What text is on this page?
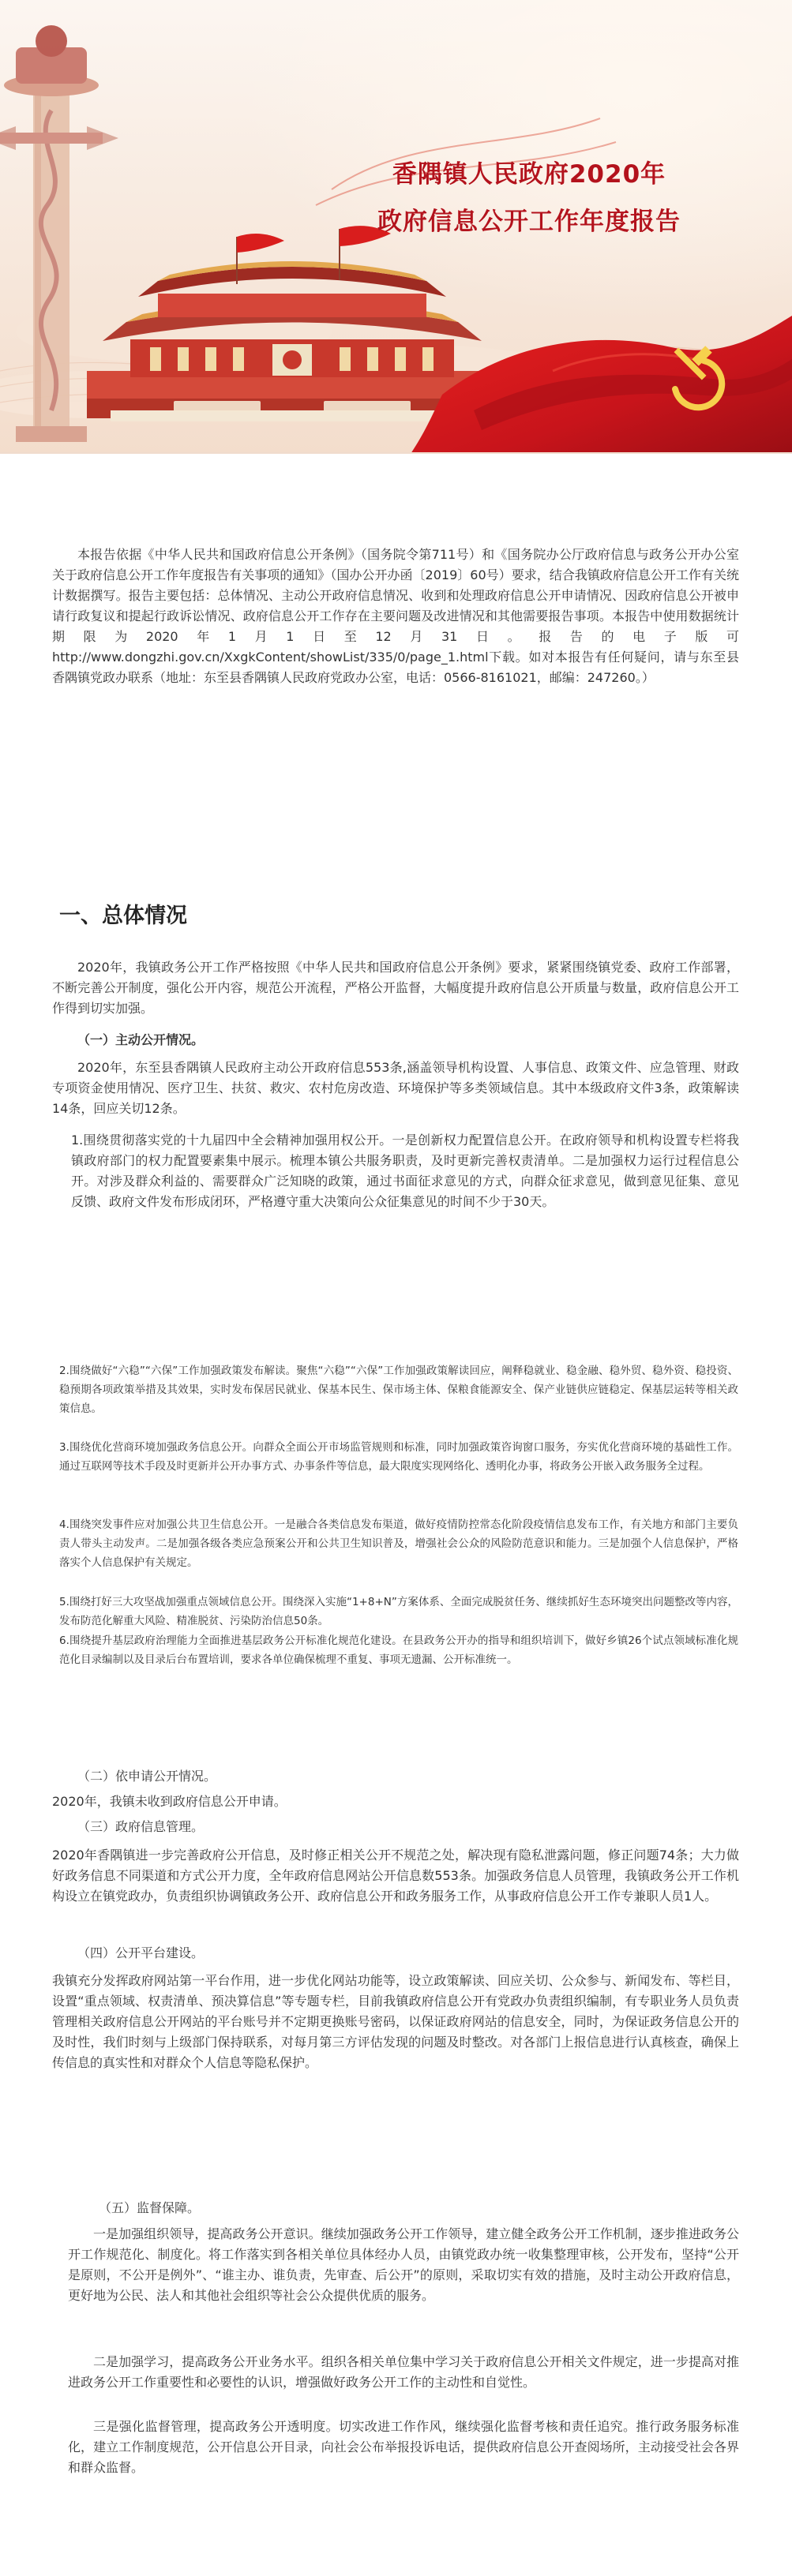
香隅镇人民政府2020年
政府信息公开工作年度报告

本报告依据《中华人民共和国政府信息公开条例》（国务院令第711号）和《国务院办公厅政府信息与政务公开办公室关于政府信息公开工作年度报告有关事项的通知》（国办公开办函〔2019〕60号）要求，结合我镇政府信息公开工作有关统计数据撰写。报告主要包括：总体情况、主动公开政府信息情况、收到和处理政府信息公开申请情况、因政府信息公开被申请行政复议和提起行政诉讼情况、政府信息公开工作存在主要问题及改进情况和其他需要报告事项。本报告中使用数据统计期限为2020年1月1日至12月31日。报告的电子版可http://www.dongzhi.gov.cn/XxgkContent/showList/335/0/page_1.html下载。如对本报告有任何疑问，请与东至县香隅镇党政办联系（地址：东至县香隅镇人民政府党政办公室，电话：0566-8161021，邮编：247260。）

一、总体情况

2020年，我镇政务公开工作严格按照《中华人民共和国政府信息公开条例》要求，紧紧围绕镇党委、政府工作部署，不断完善公开制度，强化公开内容，规范公开流程，严格公开监督，大幅度提升政府信息公开质量与数量，政府信息公开工作得到切实加强。

（一）主动公开情况。

2020年，东至县香隅镇人民政府主动公开政府信息553条,涵盖领导机构设置、人事信息、政策文件、应急管理、财政专项资金使用情况、医疗卫生、扶贫、救灾、农村危房改造、环境保护等多类领域信息。其中本级政府文件3条，政策解读14条，回应关切12条。

1.围绕贯彻落实党的十九届四中全会精神加强用权公开。一是创新权力配置信息公开。在政府领导和机构设置专栏将我镇政府部门的权力配置要素集中展示。梳理本镇公共服务职责，及时更新完善权责清单。二是加强权力运行过程信息公开。对涉及群众利益的、需要群众广泛知晓的政策，通过书面征求意见的方式，向群众征求意见，做到意见征集、意见反馈、政府文件发布形成闭环，严格遵守重大决策向公众征集意见的时间不少于30天。

2.围绕做好“六稳”“六保”工作加强政策发布解读。聚焦“六稳”“六保”工作加强政策解读回应，阐释稳就业、稳金融、稳外贸、稳外资、稳投资、稳预期各项政策举措及其效果，实时发布保居民就业、保基本民生、保市场主体、保粮食能源安全、保产业链供应链稳定、保基层运转等相关政策信息。

3.围绕优化营商环境加强政务信息公开。向群众全面公开市场监管规则和标准，同时加强政策咨询窗口服务，夯实优化营商环境的基础性工作。通过互联网等技术手段及时更新并公开办事方式、办事条件等信息，最大限度实现网络化、透明化办事，将政务公开嵌入政务服务全过程。

4.围绕突发事件应对加强公共卫生信息公开。一是融合各类信息发布渠道，做好疫情防控常态化阶段疫情信息发布工作，有关地方和部门主要负责人带头主动发声。二是加强各级各类应急预案公开和公共卫生知识普及，增强社会公众的风险防范意识和能力。三是加强个人信息保护，严格落实个人信息保护有关规定。

5.围绕打好三大攻坚战加强重点领域信息公开。围绕深入实施“1+8+N”方案体系、全面完成脱贫任务、继续抓好生态环境突出问题整改等内容，发布防范化解重大风险、精准脱贫、污染防治信息50条。

6.围绕提升基层政府治理能力全面推进基层政务公开标准化规范化建设。在县政务公开办的指导和组织培训下，做好乡镇26个试点领域标准化规范化目录编制以及目录后台布置培训，要求各单位确保梳理不重复、事项无遗漏、公开标准统一。

（二）依申请公开情况。

2020年，我镇未收到政府信息公开申请。

（三）政府信息管理。

2020年香隅镇进一步完善政府公开信息，及时修正相关公开不规范之处，解决现有隐私泄露问题，修正问题74条；大力做好政务信息不同渠道和方式公开力度，全年政府信息网站公开信息数553条。加强政务信息人员管理，我镇政务公开工作机构设立在镇党政办，负责组织协调镇政务公开、政府信息公开和政务服务工作，从事政府信息公开工作专兼职人员1人。

（四）公开平台建设。

我镇充分发挥政府网站第一平台作用，进一步优化网站功能等，设立政策解读、回应关切、公众参与、新闻发布、等栏目，设置“重点领域、权责清单、预决算信息”等专题专栏，目前我镇政府信息公开有党政办负责组织编制，有专职业务人员负责管理相关政府信息公开网站的平台账号并不定期更换账号密码，以保证政府网站的信息安全，同时，为保证政务信息公开的及时性，我们时刻与上级部门保持联系，对每月第三方评估发现的问题及时整改。对各部门上报信息进行认真核查，确保上传信息的真实性和对群众个人信息等隐私保护。

（五）监督保障。

一是加强组织领导，提高政务公开意识。继续加强政务公开工作领导，建立健全政务公开工作机制，逐步推进政务公开工作规范化、制度化。将工作落实到各相关单位具体经办人员，由镇党政办统一收集整理审核，公开发布，坚持“公开是原则，不公开是例外”、“谁主办、谁负责，先审查、后公开”的原则，采取切实有效的措施，及时主动公开政府信息，更好地为公民、法人和其他社会组织等社会公众提供优质的服务。

二是加强学习，提高政务公开业务水平。组织各相关单位集中学习关于政府信息公开相关文件规定，进一步提高对推进政务公开工作重要性和必要性的认识，增强做好政务公开工作的主动性和自觉性。

三是强化监督管理，提高政务公开透明度。切实改进工作作风，继续强化监督考核和责任追究。推行政务服务标准化，建立工作制度规范，公开信息公开目录，向社会公布举报投诉电话，提供政府信息公开查阅场所，主动接受社会各界和群众监督。
